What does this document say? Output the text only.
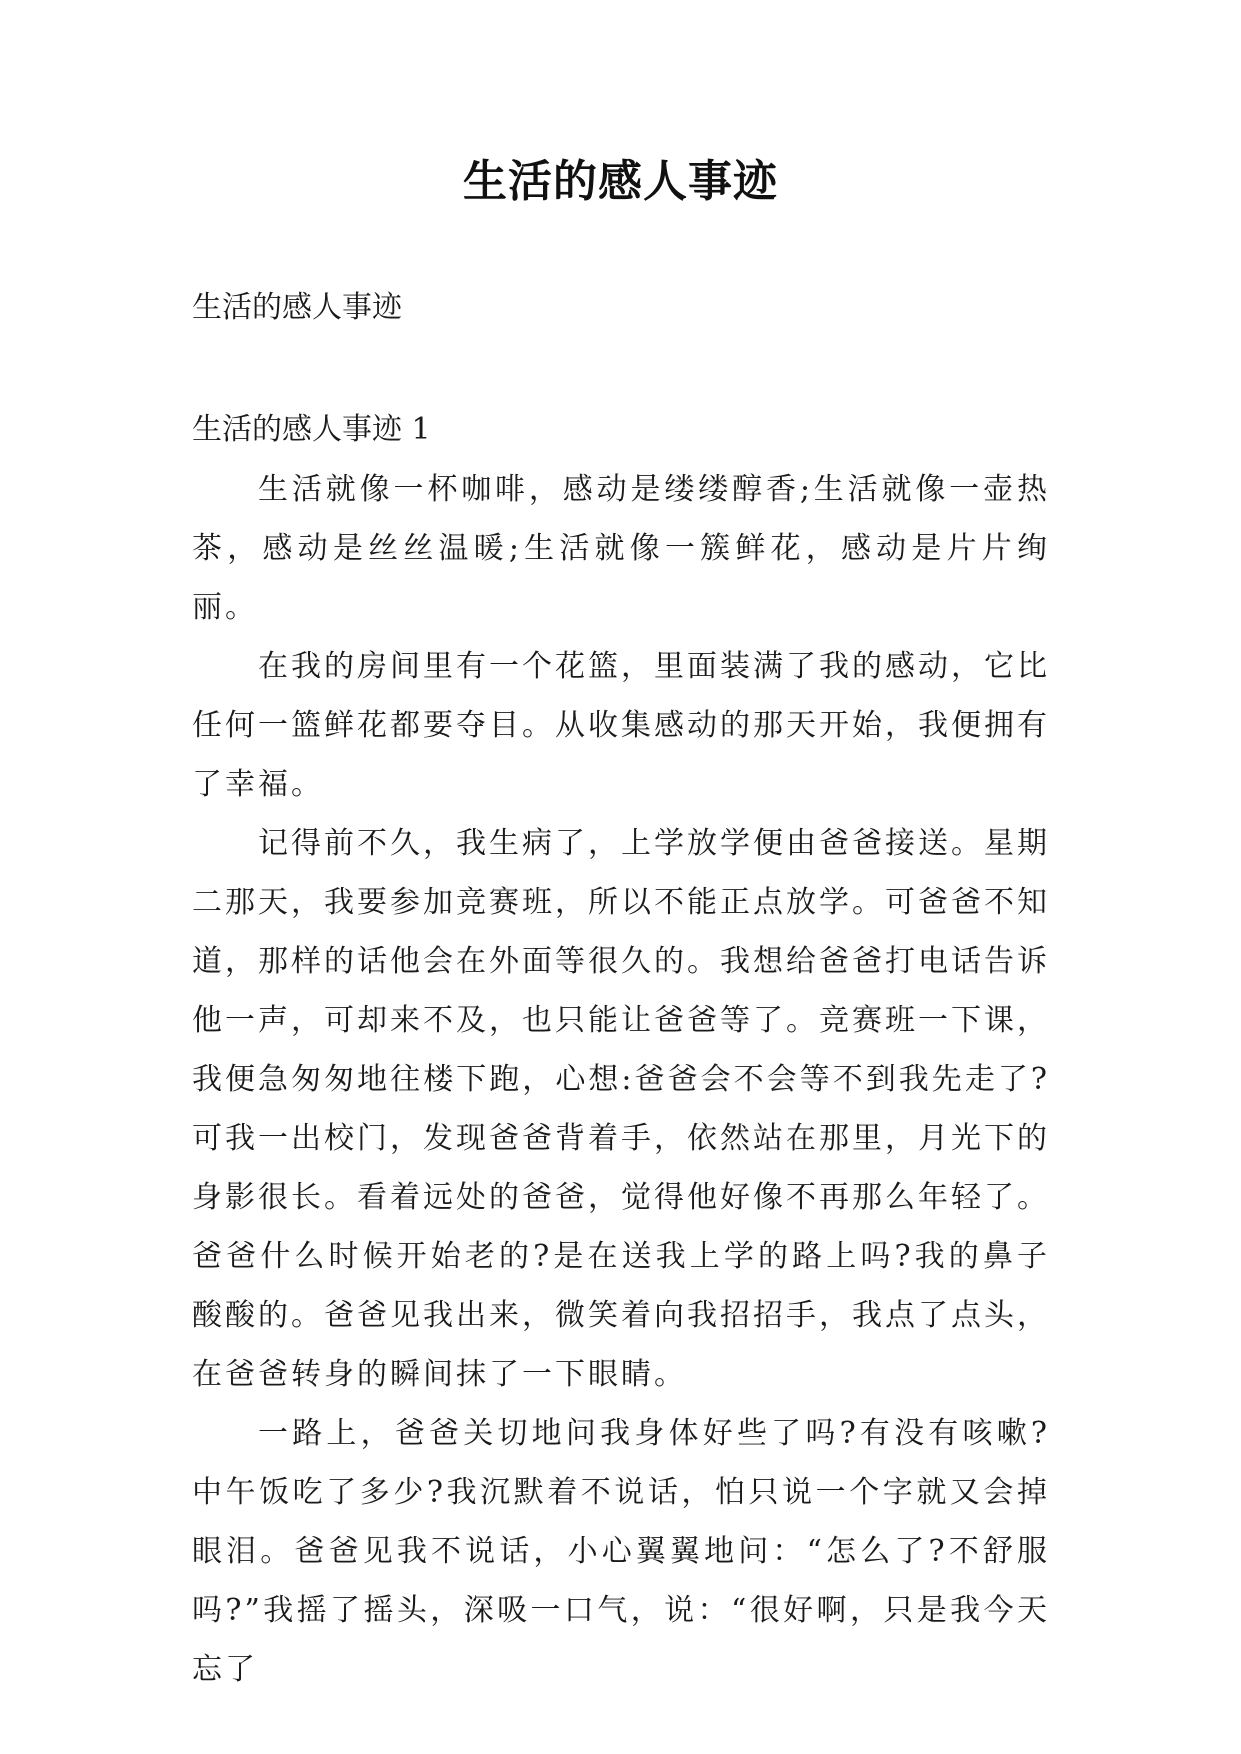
生活的感人事迹
生活的感人事迹
生活的感人事迹 1

生活就像一杯咖啡，感动是缕缕醇香;生活就像一壶热茶，感动是丝丝温暖;生活就像一簇鲜花，感动是片片绚丽。

在我的房间里有一个花篮，里面装满了我的感动，它比任何一篮鲜花都要夺目。从收集感动的那天开始，我便拥有了幸福。

记得前不久，我生病了，上学放学便由爸爸接送。星期二那天，我要参加竞赛班，所以不能正点放学。可爸爸不知道，那样的话他会在外面等很久的。我想给爸爸打电话告诉他一声，可却来不及，也只能让爸爸等了。竞赛班一下课，我便急匆匆地往楼下跑，心想:爸爸会不会等不到我先走了?可我一出校门，发现爸爸背着手，依然站在那里，月光下的身影很长。看着远处的爸爸，觉得他好像不再那么年轻了。爸爸什么时候开始老的?是在送我上学的路上吗?我的鼻子酸酸的。爸爸见我出来，微笑着向我招招手，我点了点头，在爸爸转身的瞬间抹了一下眼睛。

一路上，爸爸关切地问我身体好些了吗?有没有咳嗽?中午饭吃了多少?我沉默着不说话，怕只说一个字就又会掉眼泪。爸爸见我不说话，小心翼翼地问：“怎么了?不舒服吗?”我摇了摇头，深吸一口气，说：“很好啊，只是我今天忘了
